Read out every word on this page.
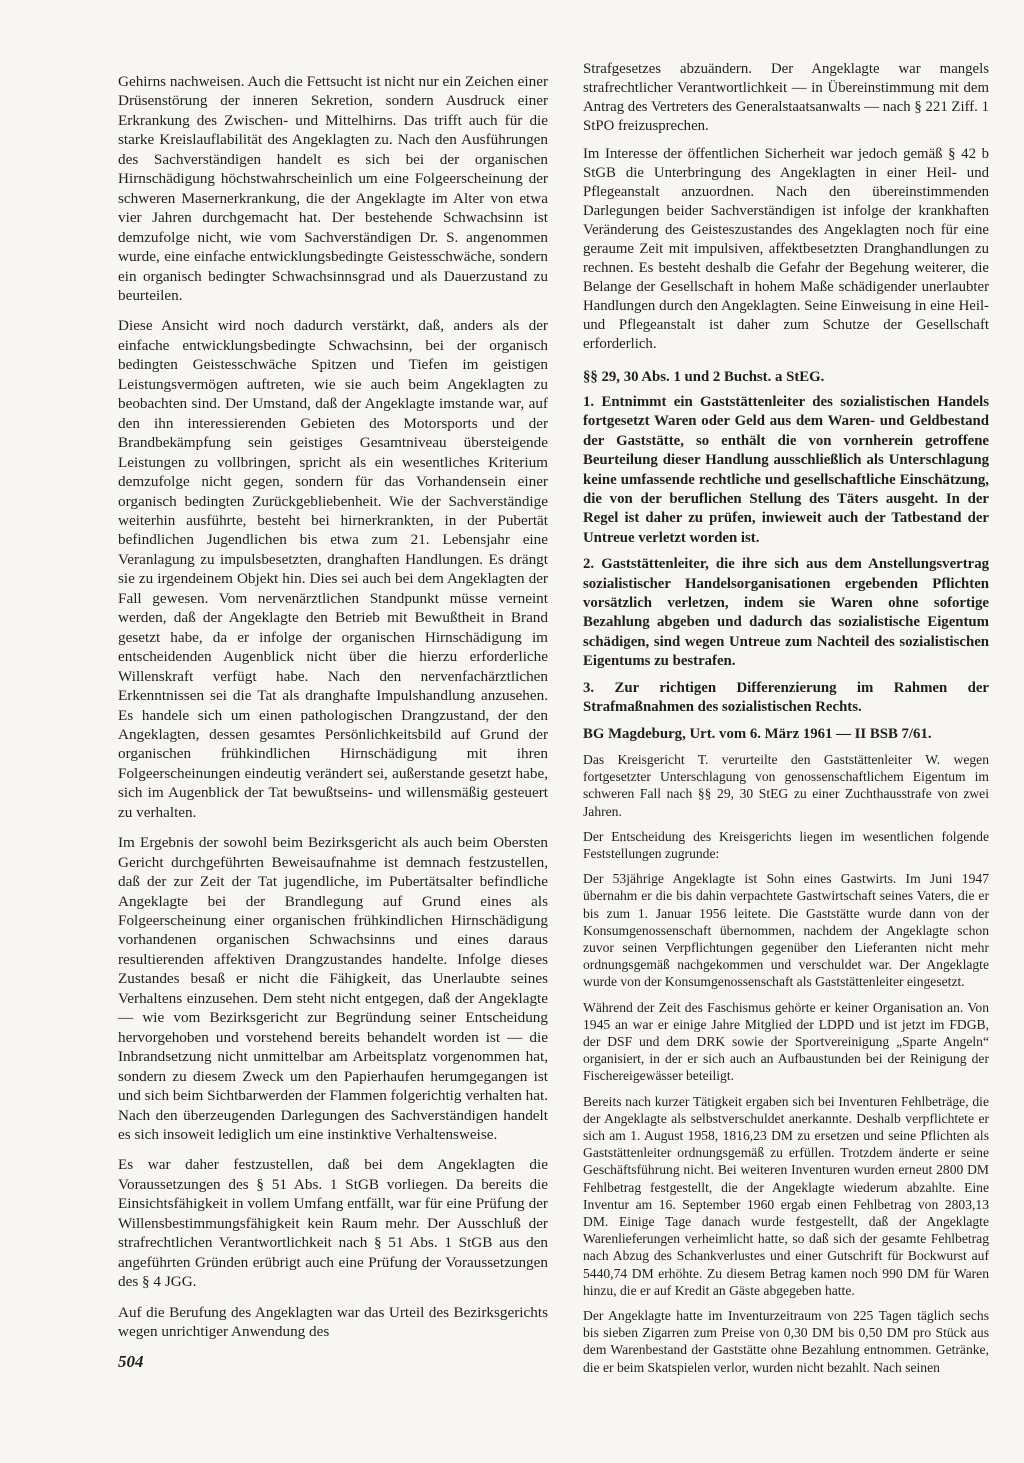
Gehirns nachweisen. Auch die Fettsucht ist nicht nur ein Zeichen einer Drüsenstörung der inneren Sekretion, sondern Ausdruck einer Erkrankung des Zwischen- und Mittelhirns. Das trifft auch für die starke Kreislauflabilität des Angeklagten zu. Nach den Ausführungen des Sachverständigen handelt es sich bei der organischen Hirnschädigung höchstwahrscheinlich um eine Folgeerscheinung der schweren Masernerkrankung, die der Angeklagte im Alter von etwa vier Jahren durchgemacht hat. Der bestehende Schwachsinn ist demzufolge nicht, wie vom Sachverständigen Dr. S. angenommen wurde, eine einfache entwicklungsbedingte Geistesschwäche, sondern ein organisch bedingter Schwachsinnsgrad und als Dauerzustand zu beurteilen.

Diese Ansicht wird noch dadurch verstärkt, daß, anders als der einfache entwicklungsbedingte Schwachsinn, bei der organisch bedingten Geistesschwäche Spitzen und Tiefen im geistigen Leistungsvermögen auftreten, wie sie auch beim Angeklagten zu beobachten sind. Der Umstand, daß der Angeklagte imstande war, auf den ihn interessierenden Gebieten des Motorsports und der Brandbekämpfung sein geistiges Gesamtniveau übersteigende Leistungen zu vollbringen, spricht als ein wesentliches Kriterium demzufolge nicht gegen, sondern für das Vorhandensein einer organisch bedingten Zurückgebliebenheit. Wie der Sachverständige weiterhin ausführte, besteht bei hirnerkrankten, in der Pubertät befindlichen Jugendlichen bis etwa zum 21. Lebensjahr eine Veranlagung zu impulsbesetzten, dranghaften Handlungen. Es drängt sie zu irgendeinem Objekt hin. Dies sei auch bei dem Angeklagten der Fall gewesen. Vom nervenärztlichen Standpunkt müsse verneint werden, daß der Angeklagte den Betrieb mit Bewußtheit in Brand gesetzt habe, da er infolge der organischen Hirnschädigung im entscheidenden Augenblick nicht über die hierzu erforderliche Willenskraft verfügt habe. Nach den nervenfachärztlichen Erkenntnissen sei die Tat als dranghafte Impulshandlung anzusehen. Es handele sich um einen pathologischen Drangzustand, der den Angeklagten, dessen gesamtes Persönlichkeitsbild auf Grund der organischen frühkindlichen Hirnschädigung mit ihren Folgeerscheinungen eindeutig verändert sei, außerstande gesetzt habe, sich im Augenblick der Tat bewußtseins- und willensmäßig gesteuert zu verhalten.

Im Ergebnis der sowohl beim Bezirksgericht als auch beim Obersten Gericht durchgeführten Beweisaufnahme ist demnach festzustellen, daß der zur Zeit der Tat jugendliche, im Pubertätsalter befindliche Angeklagte bei der Brandlegung auf Grund eines als Folgeerscheinung einer organischen frühkindlichen Hirnschädigung vorhandenen organischen Schwachsinns und eines daraus resultierenden affektiven Drangzustandes handelte. Infolge dieses Zustandes besaß er nicht die Fähigkeit, das Unerlaubte seines Verhaltens einzusehen. Dem steht nicht entgegen, daß der Angeklagte — wie vom Bezirksgericht zur Begründung seiner Entscheidung hervorgehoben und vorstehend bereits behandelt worden ist — die Inbrandsetzung nicht unmittelbar am Arbeitsplatz vorgenommen hat, sondern zu diesem Zweck um den Papierhaufen herumgegangen ist und sich beim Sichtbarwerden der Flammen folgerichtig verhalten hat. Nach den überzeugenden Darlegungen des Sachverständigen handelt es sich insoweit lediglich um eine instinktive Verhaltensweise.

Es war daher festzustellen, daß bei dem Angeklagten die Voraussetzungen des § 51 Abs. 1 StGB vorliegen. Da bereits die Einsichtsfähigkeit in vollem Umfang entfällt, war für eine Prüfung der Willensbestimmungsfähigkeit kein Raum mehr. Der Ausschluß der strafrechtlichen Verantwortlichkeit nach § 51 Abs. 1 StGB aus den angeführten Gründen erübrigt auch eine Prüfung der Voraussetzungen des § 4 JGG.

Auf die Berufung des Angeklagten war das Urteil des Bezirksgerichts wegen unrichtiger Anwendung des

Strafgesetzes abzuändern. Der Angeklagte war mangels strafrechtlicher Verantwortlichkeit — in Übereinstimmung mit dem Antrag des Vertreters des Generalstaatsanwalts — nach § 221 Ziff. 1 StPO freizusprechen.

Im Interesse der öffentlichen Sicherheit war jedoch gemäß § 42 b StGB die Unterbringung des Angeklagten in einer Heil- und Pflegeanstalt anzuordnen. Nach den übereinstimmenden Darlegungen beider Sachverständigen ist infolge der krankhaften Veränderung des Geisteszustandes des Angeklagten noch für eine geraume Zeit mit impulsiven, affektbesetzten Dranghandlungen zu rechnen. Es besteht deshalb die Gefahr der Begehung weiterer, die Belange der Gesellschaft in hohem Maße schädigender unerlaubter Handlungen durch den Angeklagten. Seine Einweisung in eine Heil- und Pflegeanstalt ist daher zum Schutze der Gesellschaft erforderlich.

§§ 29, 30 Abs. 1 und 2 Buchst. a StEG.

1. Entnimmt ein Gaststättenleiter des sozialistischen Handels fortgesetzt Waren oder Geld aus dem Waren- und Geldbestand der Gaststätte, so enthält die von vornherein getroffene Beurteilung dieser Handlung ausschließlich als Unterschlagung keine umfassende rechtliche und gesellschaftliche Einschätzung, die von der beruflichen Stellung des Täters ausgeht. In der Regel ist daher zu prüfen, inwieweit auch der Tatbestand der Untreue verletzt worden ist.

2. Gaststättenleiter, die ihre sich aus dem Anstellungsvertrag sozialistischer Handelsorganisationen ergebenden Pflichten vorsätzlich verletzen, indem sie Waren ohne sofortige Bezahlung abgeben und dadurch das sozialistische Eigentum schädigen, sind wegen Untreue zum Nachteil des sozialistischen Eigentums zu bestrafen.

3. Zur richtigen Differenzierung im Rahmen der Strafmaßnahmen des sozialistischen Rechts.

BG Magdeburg, Urt. vom 6. März 1961 — II BSB 7/61.

Das Kreisgericht T. verurteilte den Gaststättenleiter W. wegen fortgesetzter Unterschlagung von genossenschaftlichem Eigentum im schweren Fall nach §§ 29, 30 StEG zu einer Zuchthausstrafe von zwei Jahren.

Der Entscheidung des Kreisgerichts liegen im wesentlichen folgende Feststellungen zugrunde:

Der 53jährige Angeklagte ist Sohn eines Gastwirts. Im Juni 1947 übernahm er die bis dahin verpachtete Gastwirtschaft seines Vaters, die er bis zum 1. Januar 1956 leitete. Die Gaststätte wurde dann von der Konsumgenossenschaft übernommen, nachdem der Angeklagte schon zuvor seinen Verpflichtungen gegenüber den Lieferanten nicht mehr ordnungsgemäß nachgekommen und verschuldet war. Der Angeklagte wurde von der Konsumgenossenschaft als Gaststättenleiter eingesetzt.

Während der Zeit des Faschismus gehörte er keiner Organisation an. Von 1945 an war er einige Jahre Mitglied der LDPD und ist jetzt im FDGB, der DSF und dem DRK sowie der Sportvereinigung „Sparte Angeln“ organisiert, in der er sich auch an Aufbaustunden bei der Reinigung der Fischereigewässer beteiligt.

Bereits nach kurzer Tätigkeit ergaben sich bei Inventuren Fehlbeträge, die der Angeklagte als selbstverschuldet anerkannte. Deshalb verpflichtete er sich am 1. August 1958, 1816,23 DM zu ersetzen und seine Pflichten als Gaststättenleiter ordnungsgemäß zu erfüllen. Trotzdem änderte er seine Geschäftsführung nicht. Bei weiteren Inventuren wurden erneut 2800 DM Fehlbetrag festgestellt, die der Angeklagte wiederum abzahlte. Eine Inventur am 16. September 1960 ergab einen Fehlbetrag von 2803,13 DM. Einige Tage danach wurde festgestellt, daß der Angeklagte Warenlieferungen verheimlicht hatte, so daß sich der gesamte Fehlbetrag nach Abzug des Schankverlustes und einer Gutschrift für Bockwurst auf 5440,74 DM erhöhte. Zu diesem Betrag kamen noch 990 DM für Waren hinzu, die er auf Kredit an Gäste abgegeben hatte.

Der Angeklagte hatte im Inventurzeitraum von 225 Tagen täglich sechs bis sieben Zigarren zum Preise von 0,30 DM bis 0,50 DM pro Stück aus dem Warenbestand der Gaststätte ohne Bezahlung entnommen. Getränke, die er beim Skatspielen verlor, wurden nicht bezahlt. Nach seinen

504
